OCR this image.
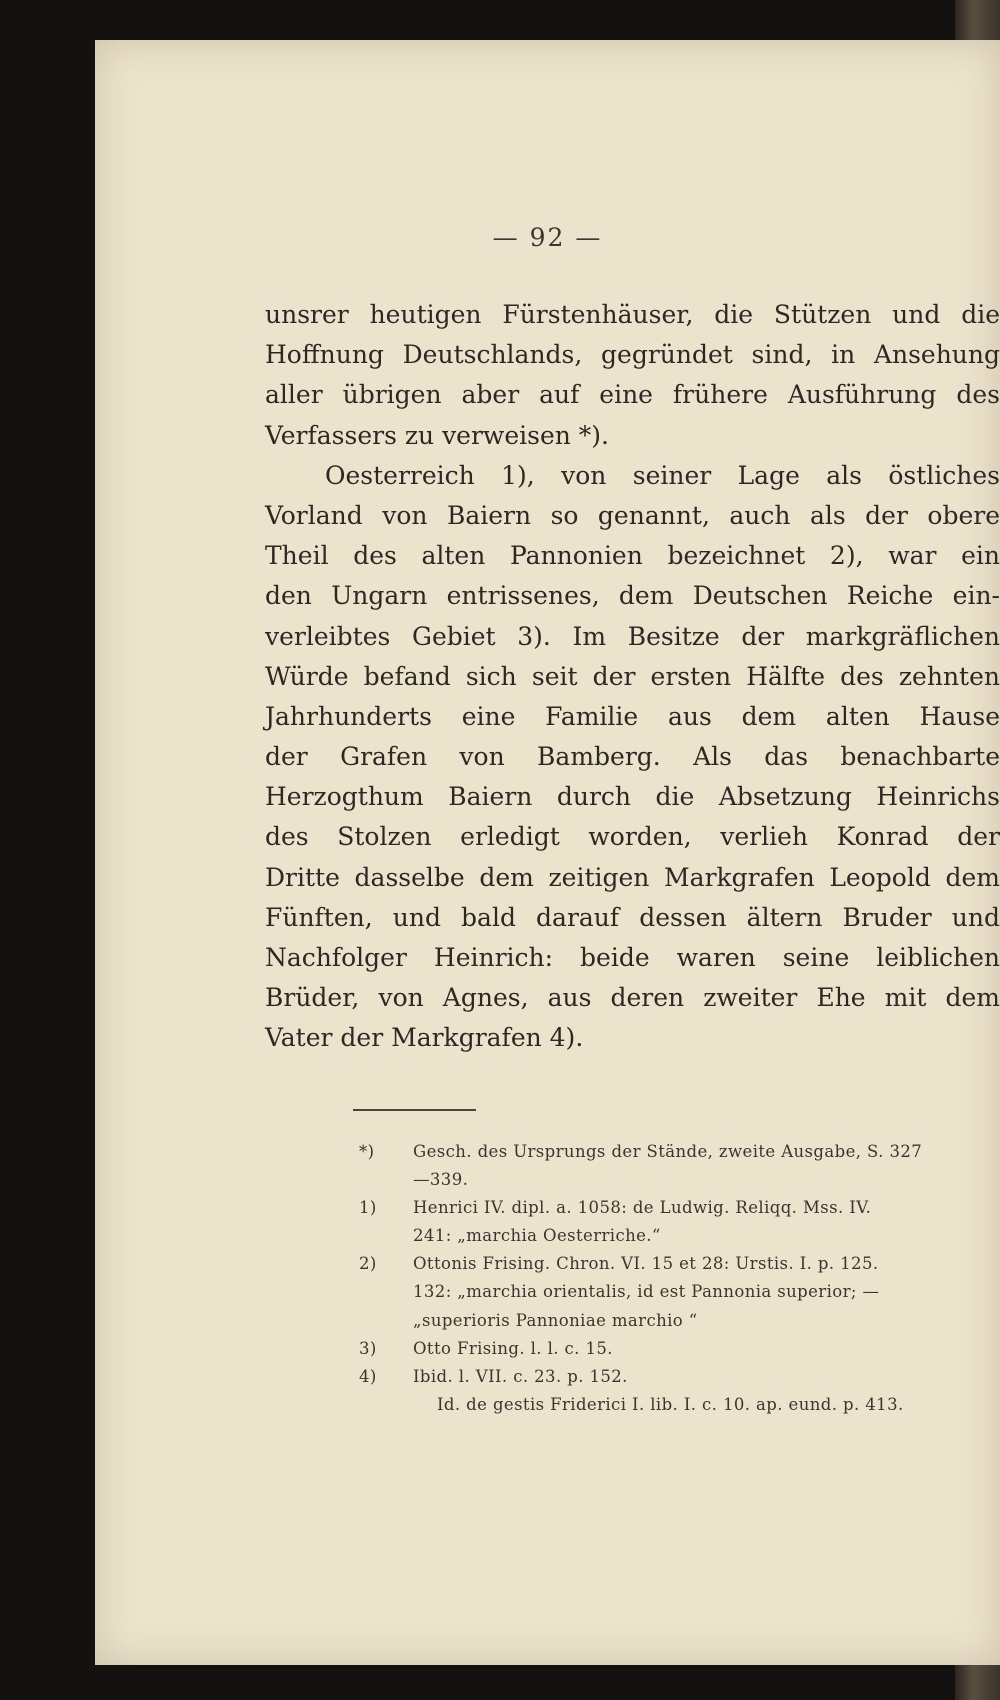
— 92 —
unsrer heutigen Fürstenhäuser, die Stützen und die
Hoffnung Deutschlands, gegründet sind, in Ansehung
aller übrigen aber auf eine frühere Ausführung des
Verfassers zu verweisen *).
Oesterreich 1), von seiner Lage als östliches
Vorland von Baiern so genannt, auch als der obere
Theil des alten Pannonien bezeichnet 2), war ein
den Ungarn entrissenes, dem Deutschen Reiche ein-
verleibtes Gebiet 3). Im Besitze der markgräflichen
Würde befand sich seit der ersten Hälfte des zehnten
Jahrhunderts eine Familie aus dem alten Hause
der Grafen von Bamberg. Als das benachbarte
Herzogthum Baiern durch die Absetzung Heinrichs
des Stolzen erledigt worden, verlieh Konrad der
Dritte dasselbe dem zeitigen Markgrafen Leopold dem
Fünften, und bald darauf dessen ältern Bruder und
Nachfolger Heinrich: beide waren seine leiblichen
Brüder, von Agnes, aus deren zweiter Ehe mit dem
Vater der Markgrafen 4).
*) Gesch. des Ursprungs der Stände, zweite Ausgabe, S. 327
—339.
1) Henrici IV. dipl. a. 1058: de Ludwig. Reliqq. Mss. IV.
241: „marchia Oesterriche.“
2) Ottonis Frising. Chron. VI. 15 et 28: Urstis. I. p. 125.
132: „marchia orientalis, id est Pannonia superior; —
„superioris Pannoniae marchio “
3) Otto Frising. l. l. c. 15.
4) Ibid. l. VII. c. 23. p. 152.
Id. de gestis Friderici I. lib. I. c. 10. ap. eund. p. 413.
